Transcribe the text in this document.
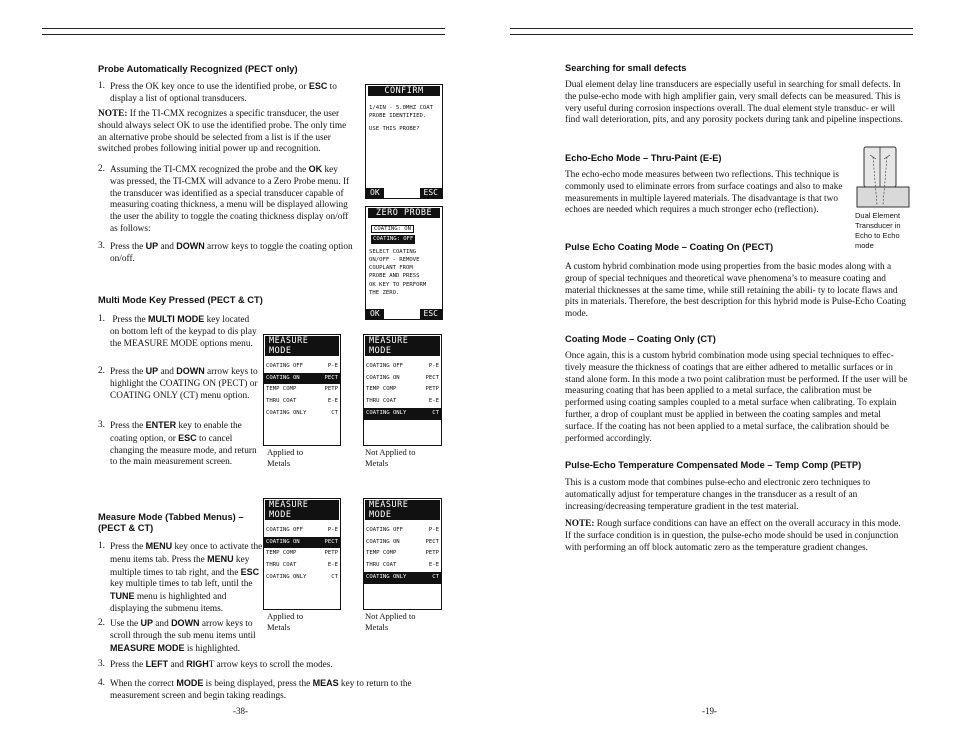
Probe Automatically Recognized (PECT only)
1. Press the OK key once to use the identified probe, or ESC to display a list of optional transducers.
NOTE: If the TI-CMX recognizes a specific transducer, the user should always select OK to use the identified probe. The only time an alternative probe should be selected from a list is if the user switched probes following initial power up and recognition.
2. Assuming the TI-CMX recognized the probe and the OK key was pressed, the TI-CMX will advance to a Zero Probe menu. If the transducer was identified as a special transducer capable of measuring coating thickness, a menu will be displayed allowing the user the ability to toggle the coating thickness display on/off as follows:
3. Press the UP and DOWN arrow keys to toggle the coating option on/off.
CONFIRM
1/4IN - 5.0MHZ COAT
PROBE IDENTIFIED.
USE THIS PROBE?
OK	ESC
ZERO PROBE
COATING: ON
COATING: OFF
SELECT COATING
ON/OFF - REMOVE
COUPLANT FROM
PROBE AND PRESS
OK KEY TO PERFORM
THE ZERO.
OK	ESC
Multi Mode Key Pressed (PECT & CT)
1. Press the MULTI MODE key located on bottom left of the keypad to dis play the MEASURE MODE options menu.
2. Press the UP and DOWN arrow keys to highlight the COATING ON (PECT) or COATING ONLY (CT) menu option.
3. Press the ENTER key to enable the coating option, or ESC to cancel changing the measure mode, and return to the main measurement screen.
MEASURE MODE
COATING OFF	P-E
COATING ON	PECT
TEMP COMP	PETP
THRU COAT	E-E
COATING ONLY	CT
MEASURE MODE
COATING OFF	P-E
COATING ON	PECT
TEMP COMP	PETP
THRU COAT	E-E
COATING ONLY	CT
Applied to
Metals
Not Applied to
Metals
Measure Mode (Tabbed Menus) –
(PECT & CT)
1. Press the MENU key once to activate the menu items tab. Press the MENU key multiple times to tab right, and the ESC key multiple times to tab left, until the TUNE menu is highlighted and displaying the submenu items.
2. Use the UP and DOWN arrow keys to scroll through the sub menu items until MEASURE MODE is highlighted.
3. Press the LEFT and RIGHT arrow keys to scroll the modes.
4. When the correct MODE is being displayed, press the MEAS key to return to the measurement screen and begin taking readings.
MEASURE MODE
COATING OFF	P-E
COATING ON	PECT
TEMP COMP	PETP
THRU COAT	E-E
COATING ONLY	CT
MEASURE MODE
COATING OFF	P-E
COATING ON	PECT
TEMP COMP	PETP
THRU COAT	E-E
COATING ONLY	CT
Applied to
Metals
Not Applied to
Metals
-38-
Searching for small defects
Dual element delay line transducers are especially useful in searching for small defects. In the pulse-echo mode with high amplifier gain, very small defects can be measured. This is very useful during corrosion inspections overall. The dual element style transduc- er will find wall deterioration, pits, and any porosity pockets during tank and pipeline inspections.
Echo-Echo Mode – Thru-Paint (E-E)
The echo-echo mode measures between two reflections. This technique is commonly used to eliminate errors from surface coatings and also to make measurements in multiple layered materials. The disadvantage is that two echoes are needed which requires a much stronger echo (reflection).
Dual Element
Transducer in
Echo to Echo
mode
Pulse Echo Coating Mode – Coating On (PECT)
A custom hybrid combination mode using properties from the basic modes along with a group of special techniques and theoretical wave phenomena’s to measure coating and material thicknesses at the same time, while still retaining the abili- ty to locate flaws and pits in materials. Therefore, the best description for this hybrid mode is Pulse-Echo Coating mode.
Coating Mode – Coating Only (CT)
Once again, this is a custom hybrid combination mode using special techniques to effec- tively measure the thickness of coatings that are either adhered to metallic surfaces or in stand alone form. In this mode a two point calibration must be performed. If the user will be measuring coating that has been applied to a metal surface, the calibration must be performed using coating samples coupled to a metal surface when calibrating. To explain further, a drop of couplant must be applied in between the coating samples and metal surface. If the coating has not been applied to a metal surface, the calibration should be performed accordingly.
Pulse-Echo Temperature Compensated Mode – Temp Comp (PETP)
This is a custom mode that combines pulse-echo and electronic zero techniques to automatically adjust for temperature changes in the transducer as a result of an increasing/decreasing temperature gradient in the test material.
NOTE: Rough surface conditions can have an effect on the overall accuracy in this mode. If the surface condition is in question, the pulse-echo mode should be used in conjunction with performing an off block automatic zero as the temperature gradient changes.
-19-
